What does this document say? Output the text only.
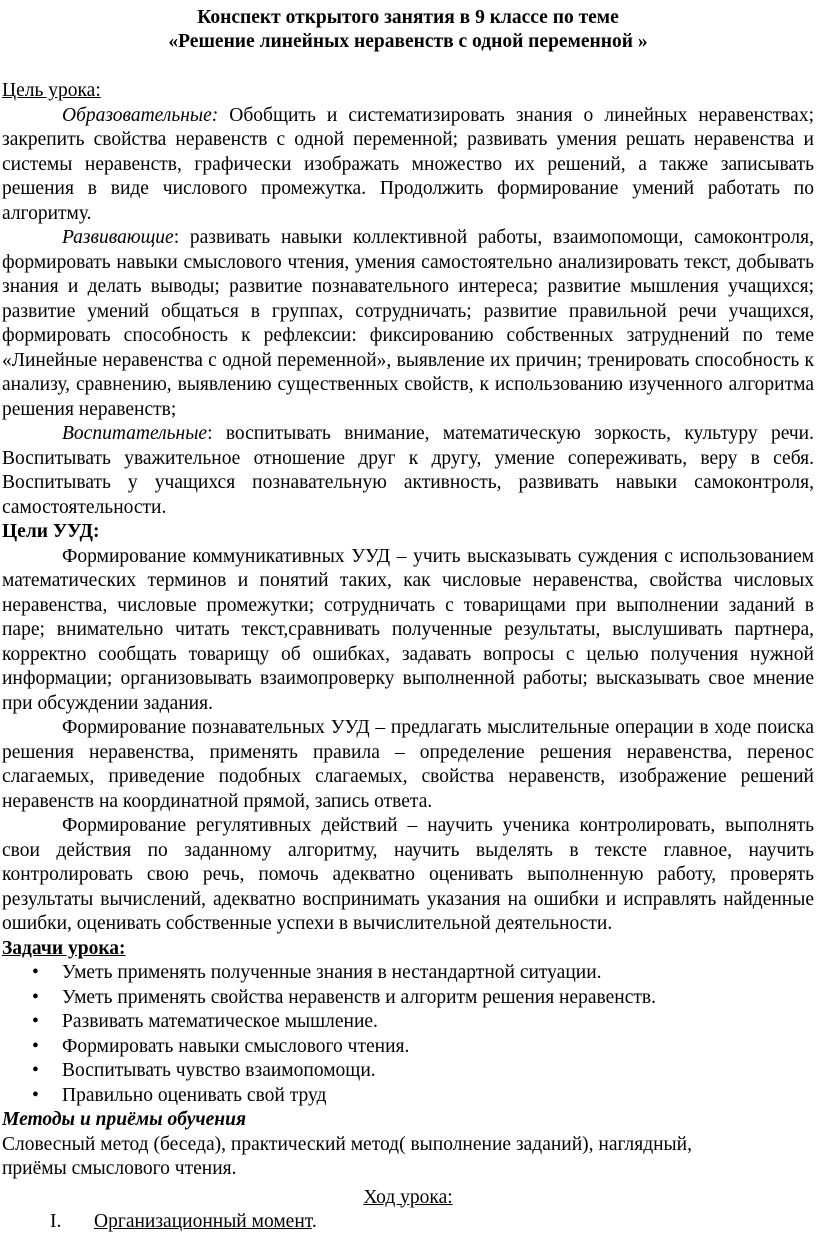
Конспект открытого занятия в 9 классе по теме
«Решение линейных неравенств с одной переменной »
Цель урока:
Образовательные: Обобщить и систематизировать знания о линейных неравенствах; закрепить свойства неравенств с одной переменной; развивать умения решать неравенства и системы неравенств, графически изображать множество их решений, а также записывать решения в виде числового промежутка. Продолжить формирование умений работать по алгоритму.
Развивающие: развивать навыки коллективной работы, взаимопомощи, самоконтроля, формировать навыки смыслового чтения, умения самостоятельно анализировать текст, добывать знания и делать выводы; развитие познавательного интереса; развитие мышления учащихся; развитие умений общаться в группах, сотрудничать; развитие правильной речи учащихся, формировать способность к рефлексии: фиксированию собственных затруднений по теме «Линейные неравенства с одной переменной», выявление их причин; тренировать способность к анализу, сравнению, выявлению существенных свойств, к использованию изученного алгоритма решения неравенств;
Воспитательные: воспитывать внимание, математическую зоркость, культуру речи. Воспитывать уважительное отношение друг к другу, умение сопереживать, веру в себя. Воспитывать у учащихся познавательную активность, развивать навыки самоконтроля, самостоятельности.
Цели УУД:
Формирование коммуникативных УУД – учить высказывать суждения с использованием математических терминов и понятий таких, как числовые неравенства, свойства числовых неравенства, числовые промежутки; сотрудничать с товарищами при выполнении заданий в паре; внимательно читать текст,сравнивать полученные результаты, выслушивать партнера, корректно сообщать товарищу об ошибках, задавать вопросы с целью получения нужной информации; организовывать взаимопроверку выполненной работы; высказывать свое мнение при обсуждении задания.
Формирование познавательных УУД – предлагать мыслительные операции в ходе поиска решения неравенства, применять правила – определение решения неравенства, перенос слагаемых, приведение подобных слагаемых, свойства неравенств, изображение решений неравенств на координатной прямой, запись ответа.
Формирование регулятивных действий – научить ученика контролировать, выполнять свои действия по заданному алгоритму, научить выделять в тексте главное, научить контролировать свою речь, помочь адекватно оценивать выполненную работу, проверять результаты вычислений, адекватно воспринимать указания на ошибки и исправлять найденные ошибки, оценивать собственные успехи в вычислительной деятельности.
Задачи урока:
• Уметь применять полученные знания в нестандартной ситуации.
• Уметь применять свойства неравенств и алгоритм решения неравенств.
• Развивать математическое мышление.
• Формировать навыки смыслового чтения.
• Воспитывать чувство взаимопомощи.
• Правильно оценивать свой труд
Методы и приёмы обучения
Словесный метод (беседа), практический метод( выполнение заданий), наглядный,
приёмы смыслового чтения.
Ход урока:
I. Организационный момент.
